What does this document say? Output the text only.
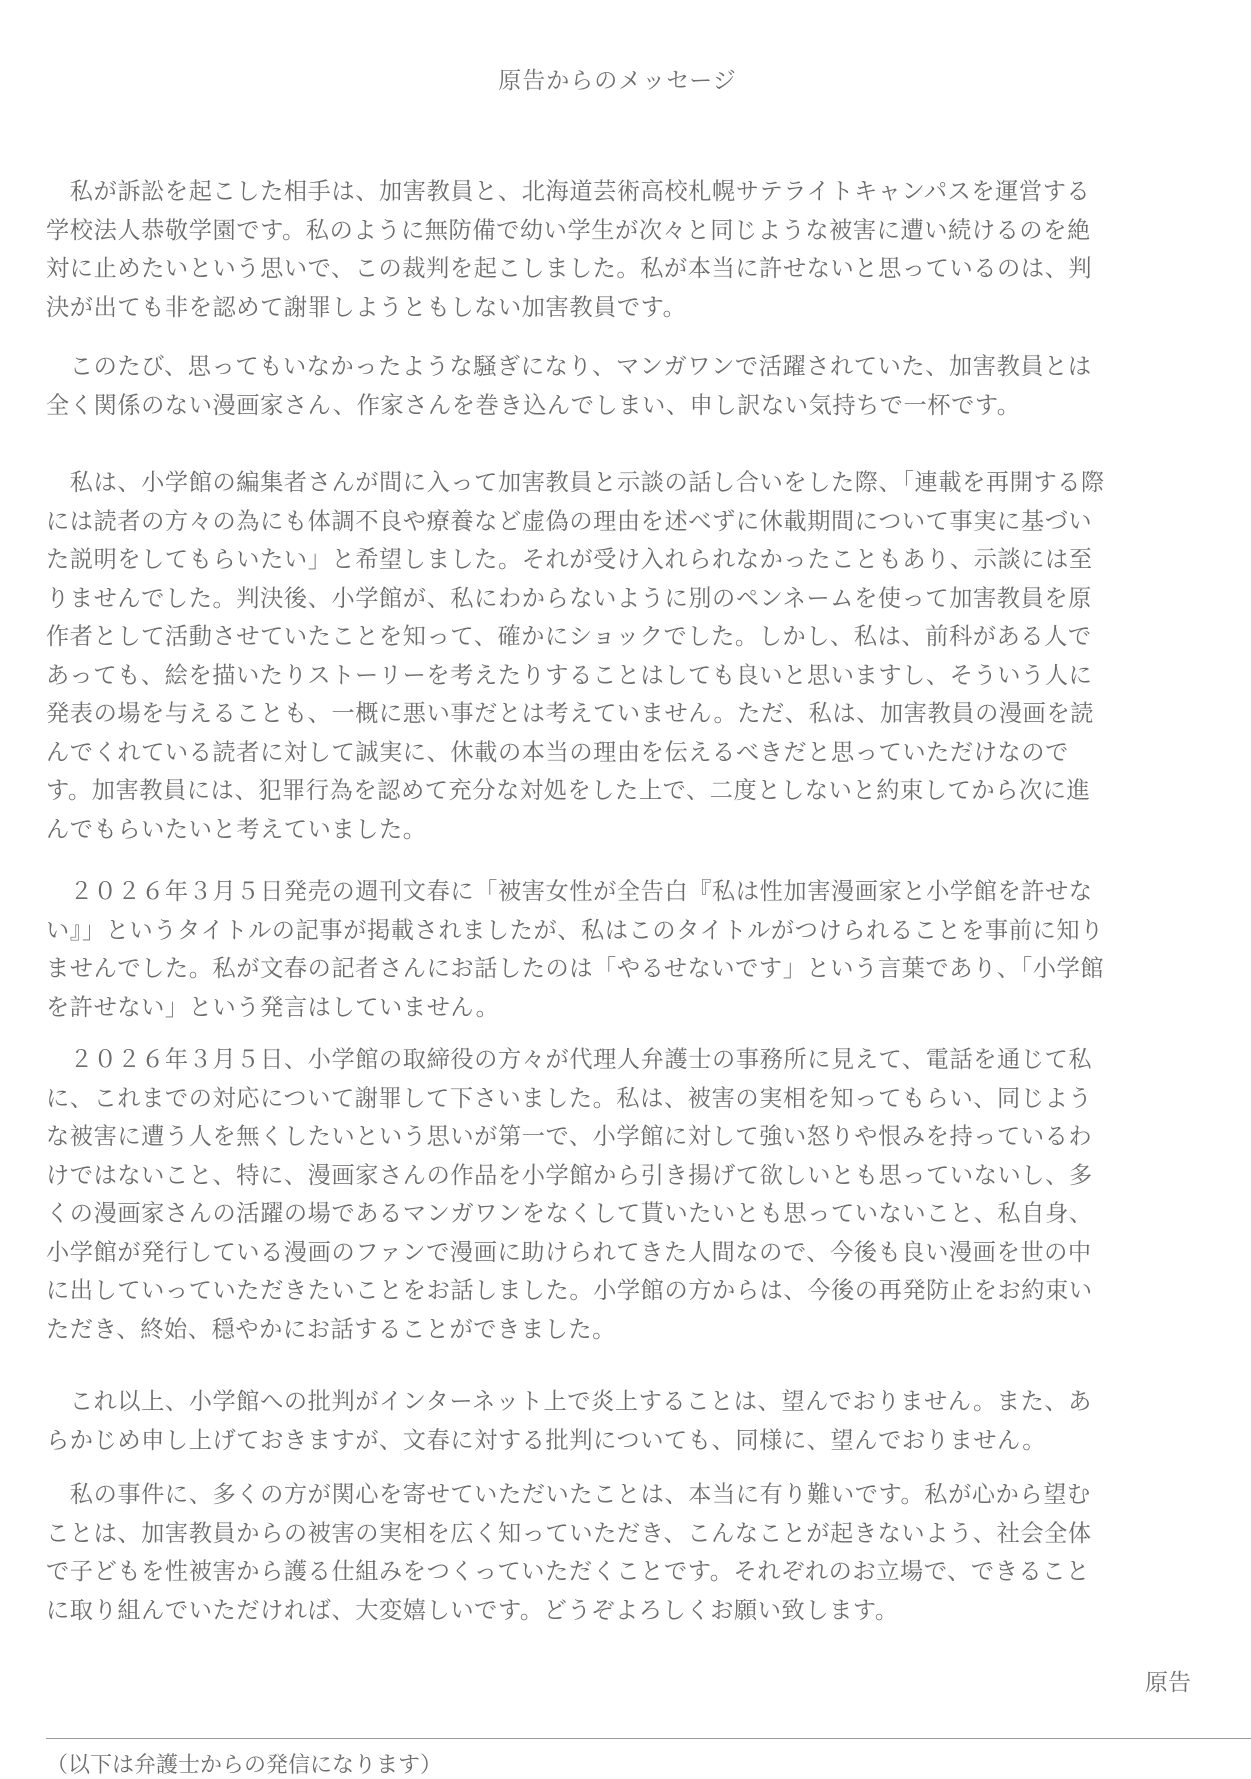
原告からのメッセージ

　私が訴訟を起こした相手は、加害教員と、北海道芸術高校札幌サテライトキャンパスを運営する
学校法人恭敬学園です。私のように無防備で幼い学生が次々と同じような被害に遭い続けるのを絶
対に止めたいという思いで、この裁判を起こしました。私が本当に許せないと思っているのは、判
決が出ても非を認めて謝罪しようともしない加害教員です。

　このたび、思ってもいなかったような騒ぎになり、マンガワンで活躍されていた、加害教員とは
全く関係のない漫画家さん、作家さんを巻き込んでしまい、申し訳ない気持ちで一杯です。

　私は、小学館の編集者さんが間に入って加害教員と示談の話し合いをした際、「連載を再開する際
には読者の方々の為にも体調不良や療養など虚偽の理由を述べずに休載期間について事実に基づい
た説明をしてもらいたい」と希望しました。それが受け入れられなかったこともあり、示談には至
りませんでした。判決後、小学館が、私にわからないように別のペンネームを使って加害教員を原
作者として活動させていたことを知って、確かにショックでした。しかし、私は、前科がある人で
あっても、絵を描いたりストーリーを考えたりすることはしても良いと思いますし、そういう人に
発表の場を与えることも、一概に悪い事だとは考えていません。ただ、私は、加害教員の漫画を読
んでくれている読者に対して誠実に、休載の本当の理由を伝えるべきだと思っていただけなので
す。加害教員には、犯罪行為を認めて充分な対処をした上で、二度としないと約束してから次に進
んでもらいたいと考えていました。

　２０２６年３月５日発売の週刊文春に「被害女性が全告白『私は性加害漫画家と小学館を許せな
い』」というタイトルの記事が掲載されましたが、私はこのタイトルがつけられることを事前に知り
ませんでした。私が文春の記者さんにお話したのは「やるせないです」という言葉であり、「小学館
を許せない」という発言はしていません。

　２０２６年３月５日、小学館の取締役の方々が代理人弁護士の事務所に見えて、電話を通じて私
に、これまでの対応について謝罪して下さいました。私は、被害の実相を知ってもらい、同じよう
な被害に遭う人を無くしたいという思いが第一で、小学館に対して強い怒りや恨みを持っているわ
けではないこと、特に、漫画家さんの作品を小学館から引き揚げて欲しいとも思っていないし、多
くの漫画家さんの活躍の場であるマンガワンをなくして貰いたいとも思っていないこと、私自身、
小学館が発行している漫画のファンで漫画に助けられてきた人間なので、今後も良い漫画を世の中
に出していっていただきたいことをお話しました。小学館の方からは、今後の再発防止をお約束い
ただき、終始、穏やかにお話することができました。

　これ以上、小学館への批判がインターネット上で炎上することは、望んでおりません。また、あ
らかじめ申し上げておきますが、文春に対する批判についても、同様に、望んでおりません。

　私の事件に、多くの方が関心を寄せていただいたことは、本当に有り難いです。私が心から望む
ことは、加害教員からの被害の実相を広く知っていただき、こんなことが起きないよう、社会全体
で子どもを性被害から護る仕組みをつくっていただくことです。それぞれのお立場で、できること
に取り組んでいただければ、大変嬉しいです。どうぞよろしくお願い致します。

原告
（以下は弁護士からの発信になります）
